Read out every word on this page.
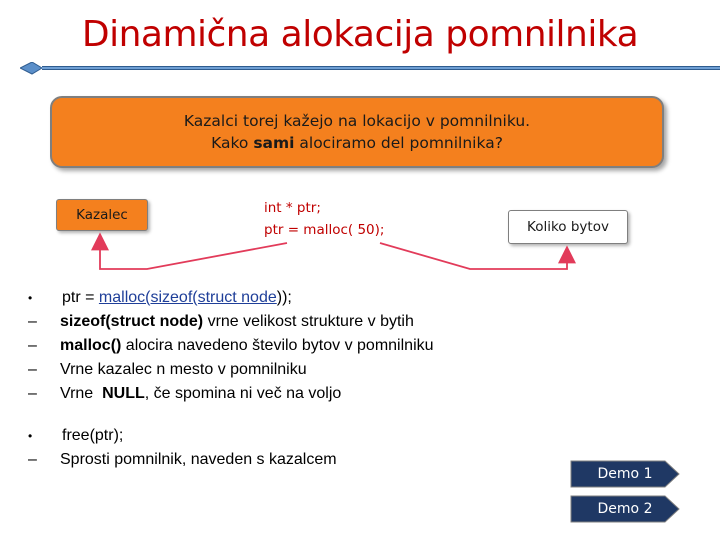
Dinamična alokacija pomnilnika
Kazalci torej kažejo na lokacijo v pomnilniku.
Kako sami alociramo del pomnilnika?
Kazalec	int * ptr;
ptr = malloc( 50);	Koliko bytov
• ptr = malloc(sizeof(struct node));
– sizeof(struct node) vrne velikost strukture v bytih
– malloc() alocira navedeno število bytov v pomnilniku
– Vrne kazalec n mesto v pomnilniku
– Vrne  NULL, če spomina ni več na voljo
• free(ptr);
– Sprosti pomnilnik, naveden s kazalcem
Demo 1
Demo 2
